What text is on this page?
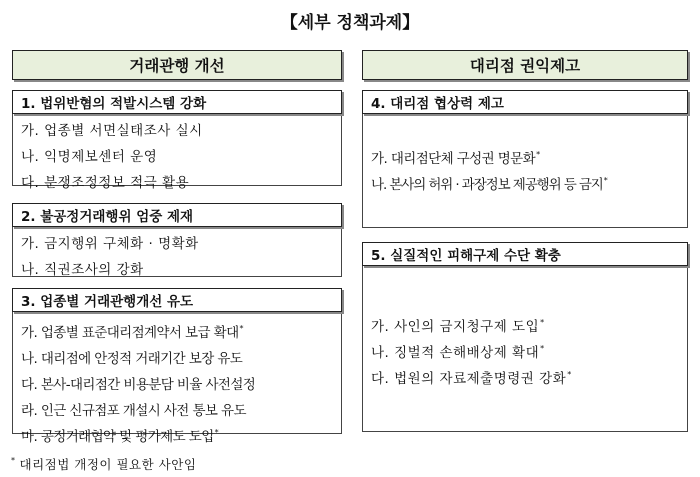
【세부 정책과제】
거래관행 개선	대리점 권익제고
1. 법위반혐의 적발시스템 강화
가. 업종별 서면실태조사 실시
나. 익명제보센터 운영
다. 분쟁조정정보 적극 활용
2. 불공정거래행위 엄중 제재
가. 금지행위 구체화 · 명확화
나. 직권조사의 강화
3. 업종별 거래관행개선 유도
가. 업종별 표준대리점계약서 보급 확대*
나. 대리점에 안정적 거래기간 보장 유도
다. 본사-대리점간 비용분담 비율 사전설정
라. 인근 신규점포 개설시 사전 통보 유도
마. 공정거래협약 및 평가제도 도입*
4. 대리점 협상력 제고
가. 대리점단체 구성권 명문화*
나. 본사의 허위 · 과장정보 제공행위 등 금지*
5. 실질적인 피해구제 수단 확충
가. 사인의 금지청구제 도입*
나. 징벌적 손해배상제 확대*
다. 법원의 자료제출명령권 강화*
* 대리점법 개정이 필요한 사안임
